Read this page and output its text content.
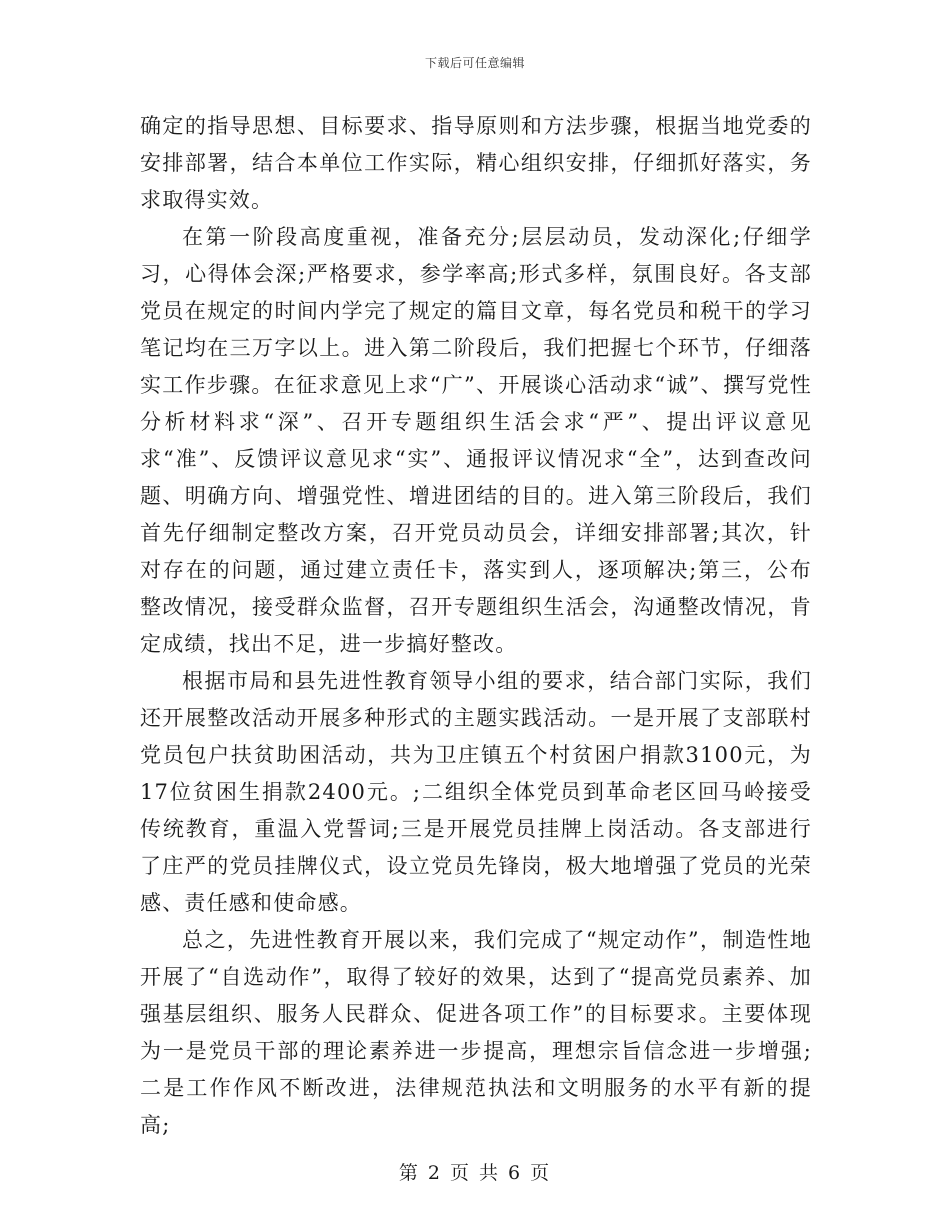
下载后可任意编辑

确定的指导思想、目标要求、指导原则和方法步骤，根据当地党委的安排部署，结合本单位工作实际，精心组织安排，仔细抓好落实，务求取得实效。

在第一阶段高度重视，准备充分;层层动员，发动深化;仔细学习，心得体会深;严格要求，参学率高;形式多样，氛围良好。各支部党员在规定的时间内学完了规定的篇目文章，每名党员和税干的学习笔记均在三万字以上。进入第二阶段后，我们把握七个环节，仔细落实工作步骤。在征求意见上求“广”、开展谈心活动求“诚”、撰写党性分析材料求“深”、召开专题组织生活会求“严”、提出评议意见求“准”、反馈评议意见求“实”、通报评议情况求“全”，达到查改问题、明确方向、增强党性、增进团结的目的。进入第三阶段后，我们首先仔细制定整改方案，召开党员动员会，详细安排部署;其次，针对存在的问题，通过建立责任卡，落实到人，逐项解决;第三，公布整改情况，接受群众监督，召开专题组织生活会，沟通整改情况，肯定成绩，找出不足，进一步搞好整改。

根据市局和县先进性教育领导小组的要求，结合部门实际，我们还开展整改活动开展多种形式的主题实践活动。一是开展了支部联村党员包户扶贫助困活动，共为卫庄镇五个村贫困户捐款3100元，为17位贫困生捐款2400元。;二组织全体党员到革命老区回马岭接受传统教育，重温入党誓词;三是开展党员挂牌上岗活动。各支部进行了庄严的党员挂牌仪式，设立党员先锋岗，极大地增强了党员的光荣感、责任感和使命感。

总之，先进性教育开展以来，我们完成了“规定动作”，制造性地开展了“自选动作”，取得了较好的效果，达到了“提高党员素养、加强基层组织、服务人民群众、促进各项工作”的目标要求。主要体现为一是党员干部的理论素养进一步提高，理想宗旨信念进一步增强;二是工作作风不断改进，法律规范执法和文明服务的水平有新的提高;

第 2 页 共 6 页
